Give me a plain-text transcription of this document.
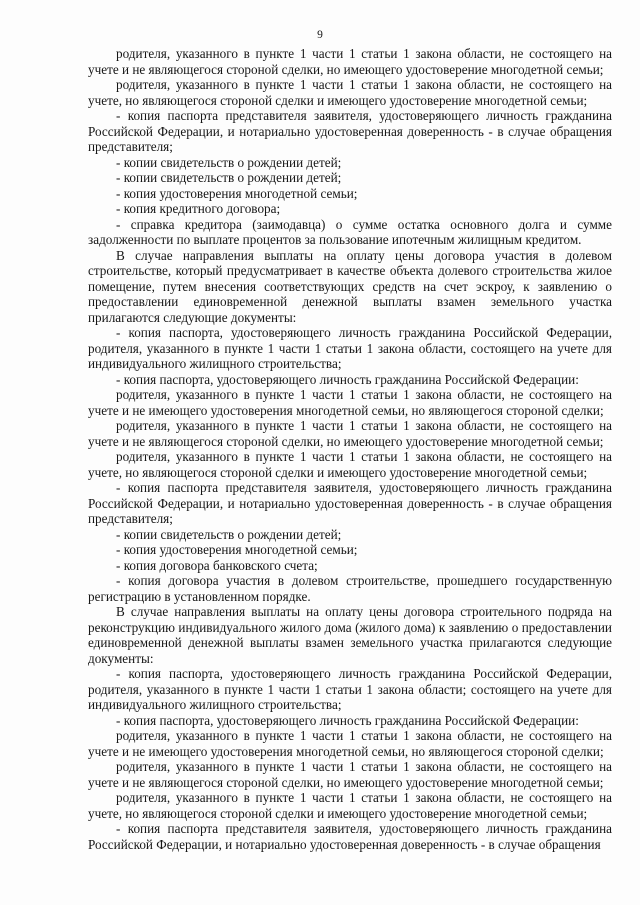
9

родителя, указанного в пункте 1 части 1 статьи 1 закона области, не состоящего на учете и не являющегося стороной сделки, но имеющего удостоверение многодетной семьи;

родителя, указанного в пункте 1 части 1 статьи 1 закона области, не состоящего на учете, но являющегося стороной сделки и имеющего удостоверение многодетной семьи;

- копия паспорта представителя заявителя, удостоверяющего личность гражданина Российской Федерации, и нотариально удостоверенная доверенность - в случае обращения представителя;

- копии свидетельств о рождении детей;

- копии свидетельств о рождении детей;

- копия удостоверения многодетной семьи;

- копия кредитного договора;

- справка кредитора (заимодавца) о сумме остатка основного долга и сумме задолженности по выплате процентов за пользование ипотечным жилищным кредитом.

В случае направления выплаты на оплату цены договора участия в долевом строительстве, который предусматривает в качестве объекта долевого строительства жилое помещение, путем внесения соответствующих средств на счет эскроу, к заявлению о предоставлении единовременной денежной выплаты взамен земельного участка прилагаются следующие документы:

- копия паспорта, удостоверяющего личность гражданина Российской Федерации, родителя, указанного в пункте 1 части 1 статьи 1 закона области, состоящего на учете для индивидуального жилищного строительства;

- копия паспорта, удостоверяющего личность гражданина Российской Федерации:

родителя, указанного в пункте 1 части 1 статьи 1 закона области, не состоящего на учете и не имеющего удостоверения многодетной семьи, но являющегося стороной сделки;

родителя, указанного в пункте 1 части 1 статьи 1 закона области, не состоящего на учете и не являющегося стороной сделки, но имеющего удостоверение многодетной семьи;

родителя, указанного в пункте 1 части 1 статьи 1 закона области, не состоящего на учете, но являющегося стороной сделки и имеющего удостоверение многодетной семьи;

- копия паспорта представителя заявителя, удостоверяющего личность гражданина Российской Федерации, и нотариально удостоверенная доверенность - в случае обращения представителя;

- копии свидетельств о рождении детей;

- копия удостоверения многодетной семьи;

- копия договора банковского счета;

- копия договора участия в долевом строительстве, прошедшего государственную регистрацию в установленном порядке.

В случае направления выплаты на оплату цены договора строительного подряда на реконструкцию индивидуального жилого дома (жилого дома) к заявлению о предоставлении единовременной денежной выплаты взамен земельного участка прилагаются следующие документы:

- копия паспорта, удостоверяющего личность гражданина Российской Федерации, родителя, указанного в пункте 1 части 1 статьи 1 закона области; состоящего на учете для индивидуального жилищного строительства;

- копия паспорта, удостоверяющего личность гражданина Российской Федерации:

родителя, указанного в пункте 1 части 1 статьи 1 закона области, не состоящего на учете и не имеющего удостоверения многодетной семьи, но являющегося стороной сделки;

родителя, указанного в пункте 1 части 1 статьи 1 закона области, не состоящего на учете и не являющегося стороной сделки, но имеющего удостоверение многодетной семьи;

родителя, указанного в пункте 1 части 1 статьи 1 закона области, не состоящего на учете, но являющегося стороной сделки и имеющего удостоверение многодетной семьи;

- копия паспорта представителя заявителя, удостоверяющего личность гражданина Российской Федерации, и нотариально удостоверенная доверенность - в случае обращения
